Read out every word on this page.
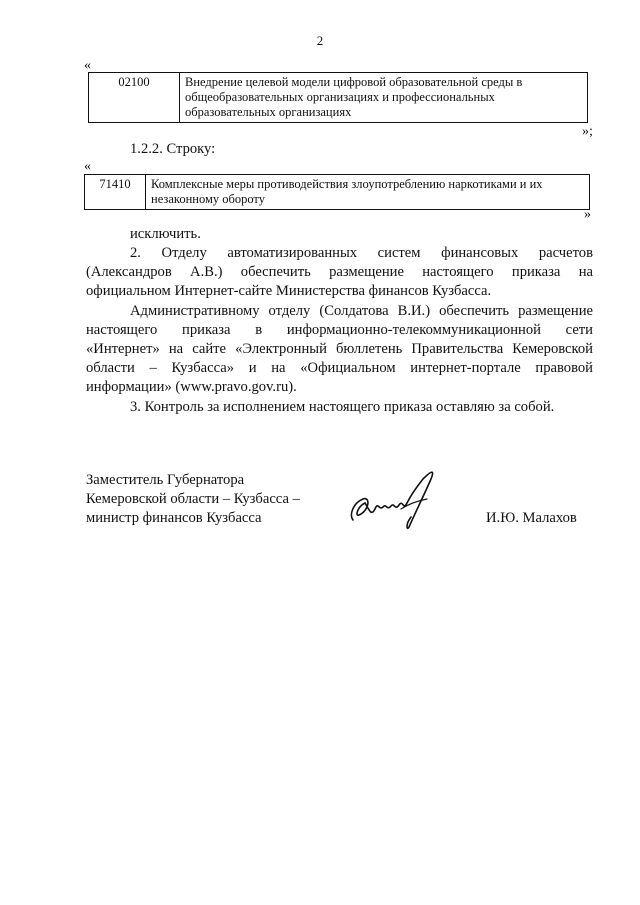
2
«
02100	Внедрение целевой модели цифровой образовательной среды в общеобразовательных организациях и профессиональных образовательных организациях
»;
1.2.2. Строку:
«
71410	Комплексные меры противодействия злоупотреблению наркотиками и их незаконному обороту
»
исключить.
2. Отделу автоматизированных систем финансовых расчетов
(Александров А.В.) обеспечить размещение настоящего приказа на
официальном Интернет-сайте Министерства финансов Кузбасса.
Административному отделу (Солдатова В.И.) обеспечить размещение
настоящего приказа в информационно-телекоммуникационной сети
«Интернет» на сайте «Электронный бюллетень Правительства Кемеровской
области – Кузбасса» и на «Официальном интернет-портале правовой
информации» (www.pravo.gov.ru).
3. Контроль за исполнением настоящего приказа оставляю за собой.
Заместитель Губернатора
Кемеровской области – Кузбасса –
министр финансов Кузбасса	И.Ю. Малахов
